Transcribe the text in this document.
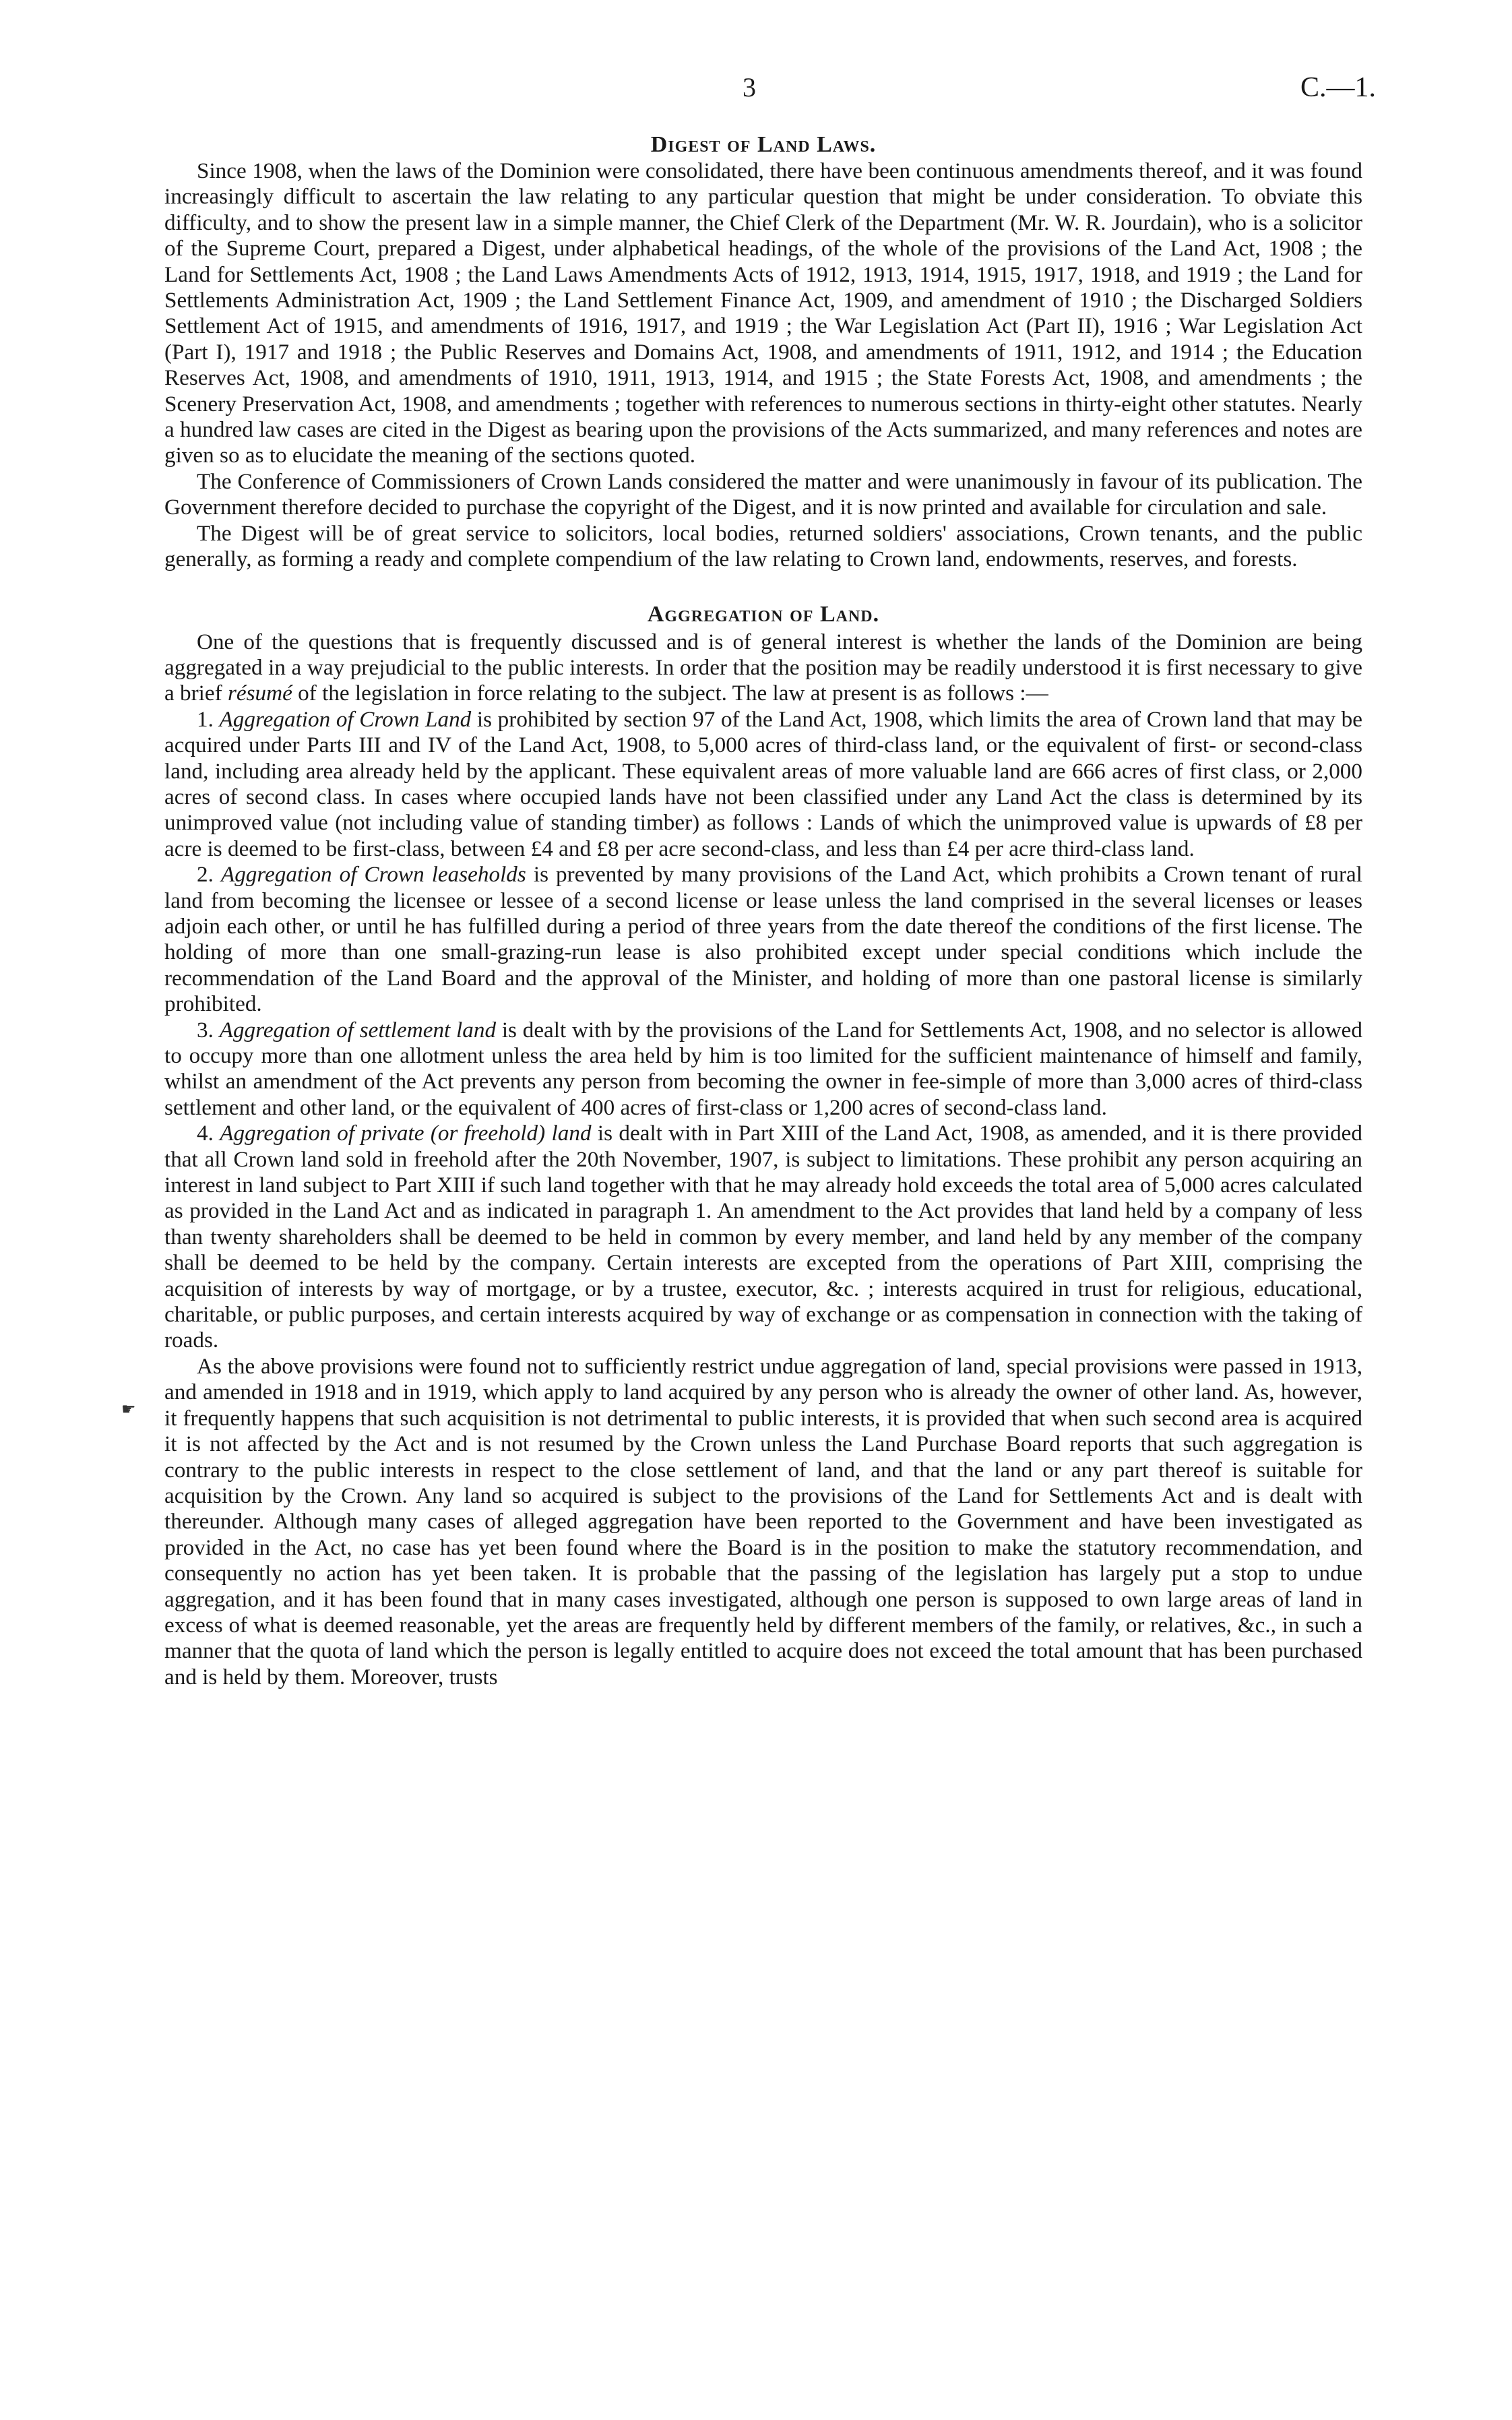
3	C.—1.
☛
Digest of Land Laws.

Since 1908, when the laws of the Dominion were consolidated, there have been continuous amendments thereof, and it was found increasingly difficult to ascertain the law relating to any particular question that might be under consideration. To obviate this difficulty, and to show the present law in a simple manner, the Chief Clerk of the Department (Mr. W. R. Jourdain), who is a solicitor of the Supreme Court, prepared a Digest, under alphabetical headings, of the whole of the provisions of the Land Act, 1908 ; the Land for Settlements Act, 1908 ; the Land Laws Amendments Acts of 1912, 1913, 1914, 1915, 1917, 1918, and 1919 ; the Land for Settlements Administration Act, 1909 ; the Land Settlement Finance Act, 1909, and amendment of 1910 ; the Discharged Soldiers Settlement Act of 1915, and amendments of 1916, 1917, and 1919 ; the War Legislation Act (Part II), 1916 ; War Legislation Act (Part I), 1917 and 1918 ; the Public Reserves and Domains Act, 1908, and amendments of 1911, 1912, and 1914 ; the Education Reserves Act, 1908, and amendments of 1910, 1911, 1913, 1914, and 1915 ; the State Forests Act, 1908, and amendments ; the Scenery Preservation Act, 1908, and amendments ; together with references to numerous sections in thirty-eight other statutes. Nearly a hundred law cases are cited in the Digest as bearing upon the provisions of the Acts summarized, and many references and notes are given so as to elucidate the meaning of the sections quoted.

The Conference of Commissioners of Crown Lands considered the matter and were unanimously in favour of its publication. The Government therefore decided to purchase the copyright of the Digest, and it is now printed and available for circulation and sale.

The Digest will be of great service to solicitors, local bodies, returned soldiers' associations, Crown tenants, and the public generally, as forming a ready and complete compendium of the law relating to Crown land, endowments, reserves, and forests.

Aggregation of Land.

One of the questions that is frequently discussed and is of general interest is whether the lands of the Dominion are being aggregated in a way prejudicial to the public interests. In order that the position may be readily understood it is first necessary to give a brief résumé of the legislation in force relating to the subject. The law at present is as follows :—

1. Aggregation of Crown Land is prohibited by section 97 of the Land Act, 1908, which limits the area of Crown land that may be acquired under Parts III and IV of the Land Act, 1908, to 5,000 acres of third-class land, or the equivalent of first- or second-class land, including area already held by the applicant. These equivalent areas of more valuable land are 666 acres of first class, or 2,000 acres of second class. In cases where occupied lands have not been classified under any Land Act the class is determined by its unimproved value (not including value of standing timber) as follows : Lands of which the unimproved value is upwards of £8 per acre is deemed to be first-class, between £4 and £8 per acre second-class, and less than £4 per acre third-class land.

2. Aggregation of Crown leaseholds is prevented by many provisions of the Land Act, which prohibits a Crown tenant of rural land from becoming the licensee or lessee of a second license or lease unless the land comprised in the several licenses or leases adjoin each other, or until he has fulfilled during a period of three years from the date thereof the conditions of the first license. The holding of more than one small-grazing-run lease is also prohibited except under special conditions which include the recommendation of the Land Board and the approval of the Minister, and holding of more than one pastoral license is similarly prohibited.

3. Aggregation of settlement land is dealt with by the provisions of the Land for Settlements Act, 1908, and no selector is allowed to occupy more than one allotment unless the area held by him is too limited for the sufficient maintenance of himself and family, whilst an amendment of the Act prevents any person from becoming the owner in fee-simple of more than 3,000 acres of third-class settlement and other land, or the equivalent of 400 acres of first-class or 1,200 acres of second-class land.

4. Aggregation of private (or freehold) land is dealt with in Part XIII of the Land Act, 1908, as amended, and it is there provided that all Crown land sold in freehold after the 20th November, 1907, is subject to limitations. These prohibit any person acquiring an interest in land subject to Part XIII if such land together with that he may already hold exceeds the total area of 5,000 acres calculated as provided in the Land Act and as indicated in paragraph 1. An amendment to the Act provides that land held by a company of less than twenty shareholders shall be deemed to be held in common by every member, and land held by any member of the company shall be deemed to be held by the company. Certain interests are excepted from the operations of Part XIII, comprising the acquisition of interests by way of mortgage, or by a trustee, executor, &c. ; interests acquired in trust for religious, educational, charitable, or public purposes, and certain interests acquired by way of exchange or as compensation in connection with the taking of roads.

As the above provisions were found not to sufficiently restrict undue aggregation of land, special provisions were passed in 1913, and amended in 1918 and in 1919, which apply to land acquired by any person who is already the owner of other land. As, however, it frequently happens that such acquisition is not detrimental to public interests, it is provided that when such second area is acquired it is not affected by the Act and is not resumed by the Crown unless the Land Purchase Board reports that such aggregation is contrary to the public interests in respect to the close settlement of land, and that the land or any part thereof is suitable for acquisition by the Crown. Any land so acquired is subject to the provisions of the Land for Settlements Act and is dealt with thereunder. Although many cases of alleged aggregation have been reported to the Government and have been investigated as provided in the Act, no case has yet been found where the Board is in the position to make the statutory recommendation, and consequently no action has yet been taken. It is probable that the passing of the legislation has largely put a stop to undue aggregation, and it has been found that in many cases investigated, although one person is supposed to own large areas of land in excess of what is deemed reasonable, yet the areas are frequently held by different members of the family, or relatives, &c., in such a manner that the quota of land which the person is legally entitled to acquire does not exceed the total amount that has been purchased and is held by them. Moreover, trusts
